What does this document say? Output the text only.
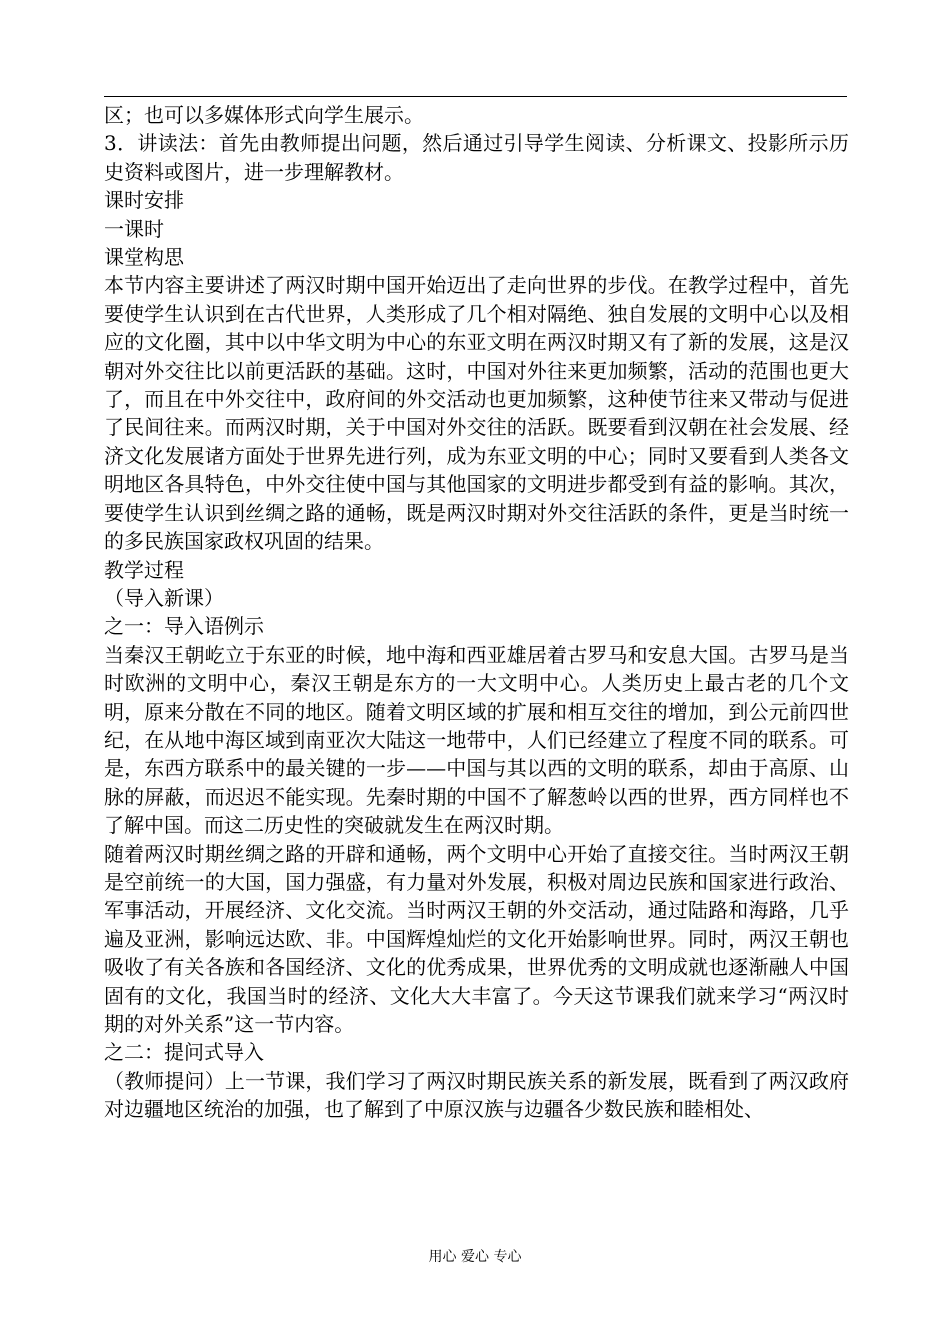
区；也可以多媒体形式向学生展示。

3．讲读法：首先由教师提出问题，然后通过引导学生阅读、分析课文、投影所示历史资料或图片，进一步理解教材。

课时安排

一课时

课堂构思

本节内容主要讲述了两汉时期中国开始迈出了走向世界的步伐。在教学过程中，首先要使学生认识到在古代世界，人类形成了几个相对隔绝、独自发展的文明中心以及相应的文化圈，其中以中华文明为中心的东亚文明在两汉时期又有了新的发展，这是汉朝对外交往比以前更活跃的基础。这时，中国对外往来更加频繁，活动的范围也更大了，而且在中外交往中，政府间的外交活动也更加频繁，这种使节往来又带动与促进了民间往来。而两汉时期，关于中国对外交往的活跃。既要看到汉朝在社会发展、经济文化发展诸方面处于世界先进行列，成为东亚文明的中心；同时又要看到人类各文明地区各具特色，中外交往使中国与其他国家的文明进步都受到有益的影响。其次，要使学生认识到丝绸之路的通畅，既是两汉时期对外交往活跃的条件，更是当时统一的多民族国家政权巩固的结果。

教学过程

（导入新课）

之一：导入语例示

当秦汉王朝屹立于东亚的时候，地中海和西亚雄居着古罗马和安息大国。古罗马是当时欧洲的文明中心，秦汉王朝是东方的一大文明中心。人类历史上最古老的几个文明，原来分散在不同的地区。随着文明区域的扩展和相互交往的增加，到公元前四世纪，在从地中海区域到南亚次大陆这一地带中，人们已经建立了程度不同的联系。可是，东西方联系中的最关键的一步——中国与其以西的文明的联系，却由于高原、山脉的屏蔽，而迟迟不能实现。先秦时期的中国不了解葱岭以西的世界，西方同样也不了解中国。而这二历史性的突破就发生在两汉时期。

随着两汉时期丝绸之路的开辟和通畅，两个文明中心开始了直接交往。当时两汉王朝是空前统一的大国，国力强盛，有力量对外发展，积极对周边民族和国家进行政治、军事活动，开展经济、文化交流。当时两汉王朝的外交活动，通过陆路和海路，几乎遍及亚洲，影响远达欧、非。中国辉煌灿烂的文化开始影响世界。同时，两汉王朝也吸收了有关各族和各国经济、文化的优秀成果，世界优秀的文明成就也逐渐融人中国固有的文化，我国当时的经济、文化大大丰富了。今天这节课我们就来学习“两汉时期的对外关系”这一节内容。

之二：提问式导入

（教师提问）上一节课，我们学习了两汉时期民族关系的新发展，既看到了两汉政府对边疆地区统治的加强，也了解到了中原汉族与边疆各少数民族和睦相处、

用心 爱心 专心
